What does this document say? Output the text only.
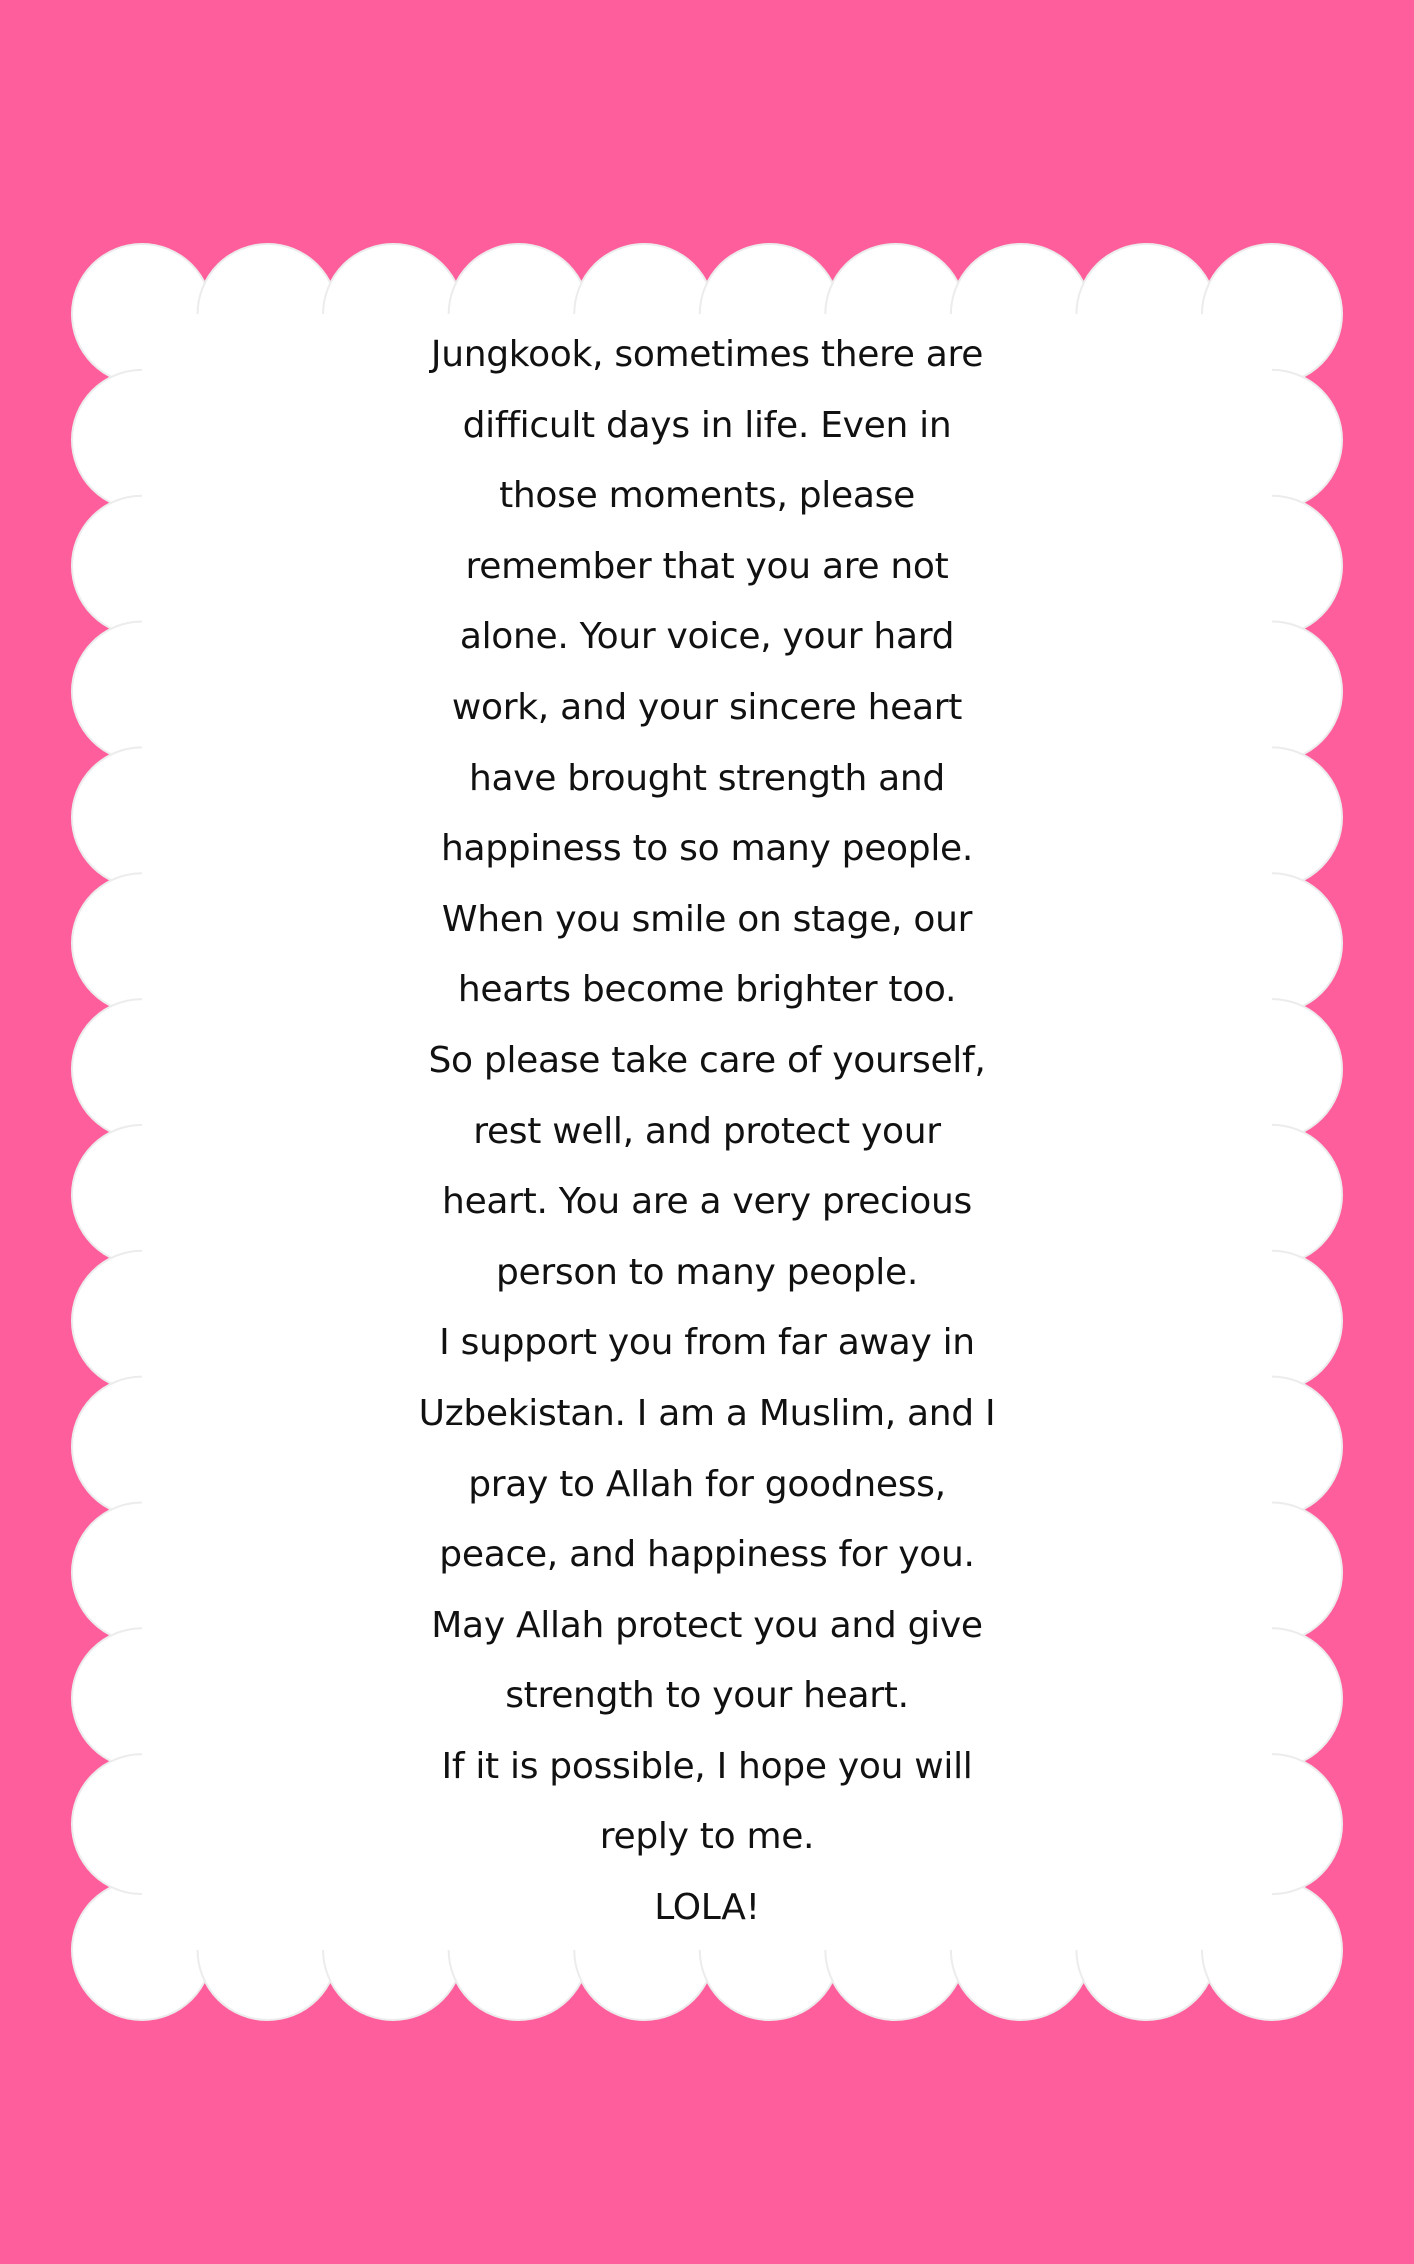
Jungkook, sometimes there are
difficult days in life. Even in
those moments, please
remember that you are not
alone. Your voice, your hard
work, and your sincere heart
have brought strength and
happiness to so many people.
When you smile on stage, our
hearts become brighter too.
So please take care of yourself,
rest well, and protect your
heart. You are a very precious
person to many people.
I support you from far away in
Uzbekistan. I am a Muslim, and I
pray to Allah for goodness,
peace, and happiness for you.
May Allah protect you and give
strength to your heart.
If it is possible, I hope you will
reply to me.
LOLA!
